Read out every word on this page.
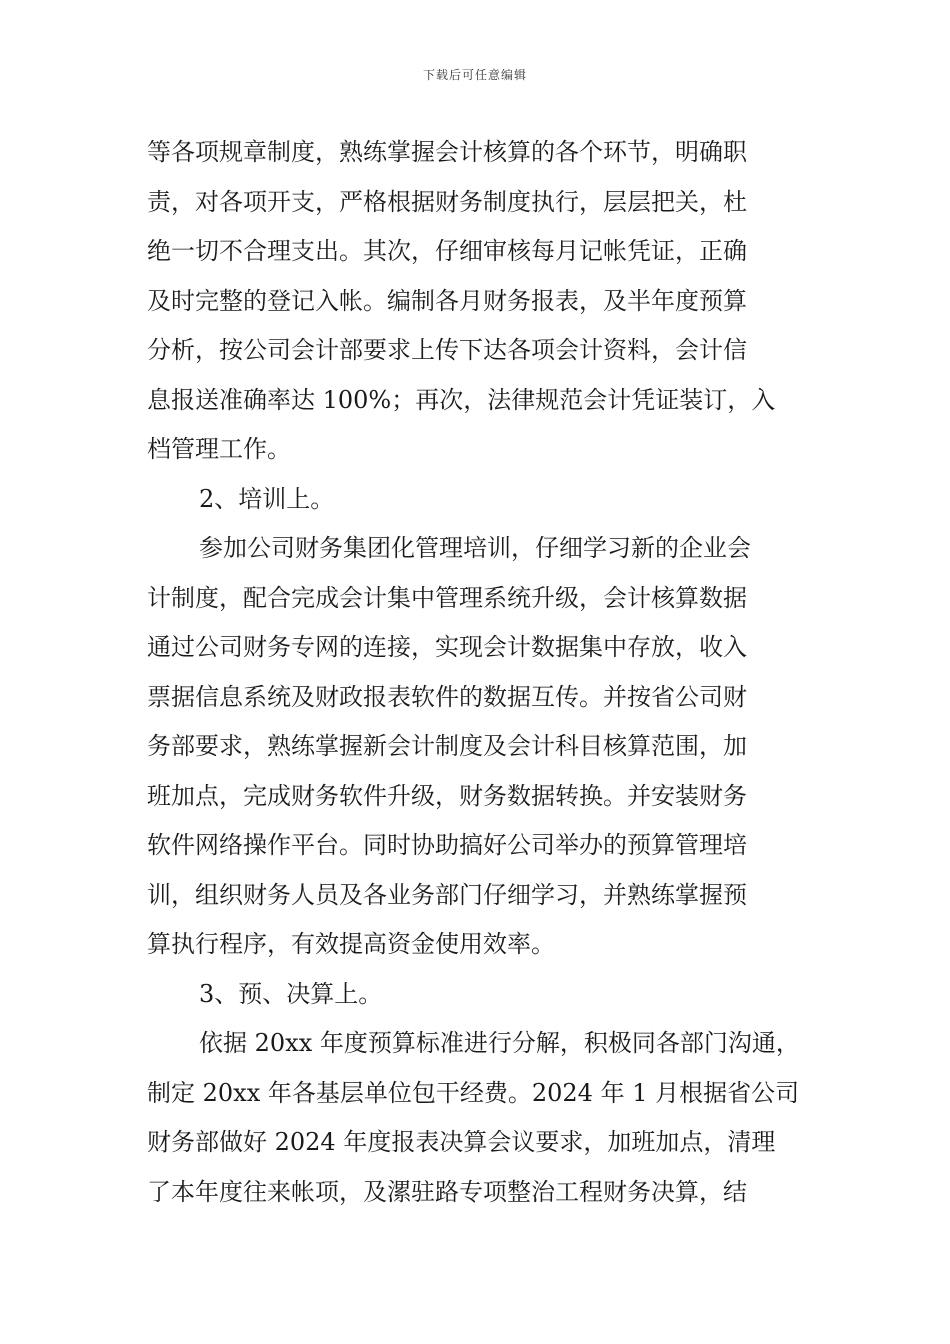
下载后可任意编辑
等各项规章制度，熟练掌握会计核算的各个环节，明确职
责，对各项开支，严格根据财务制度执行，层层把关，杜
绝一切不合理支出。其次，仔细审核每月记帐凭证，正确
及时完整的登记入帐。编制各月财务报表，及半年度预算
分析，按公司会计部要求上传下达各项会计资料，会计信
息报送准确率达 100%；再次，法律规范会计凭证装订，入
档管理工作。
2、培训上。
参加公司财务集团化管理培训，仔细学习新的企业会
计制度，配合完成会计集中管理系统升级，会计核算数据
通过公司财务专网的连接，实现会计数据集中存放，收入
票据信息系统及财政报表软件的数据互传。并按省公司财
务部要求，熟练掌握新会计制度及会计科目核算范围，加
班加点，完成财务软件升级，财务数据转换。并安装财务
软件网络操作平台。同时协助搞好公司举办的预算管理培
训，组织财务人员及各业务部门仔细学习，并熟练掌握预
算执行程序，有效提高资金使用效率。
3、预、决算上。
依据 20xx 年度预算标准进行分解，积极同各部门沟通，
制定 20xx 年各基层单位包干经费。2024 年 1 月根据省公司
财务部做好 2024 年度报表决算会议要求，加班加点，清理
了本年度往来帐项，及漯驻路专项整治工程财务决算，结
